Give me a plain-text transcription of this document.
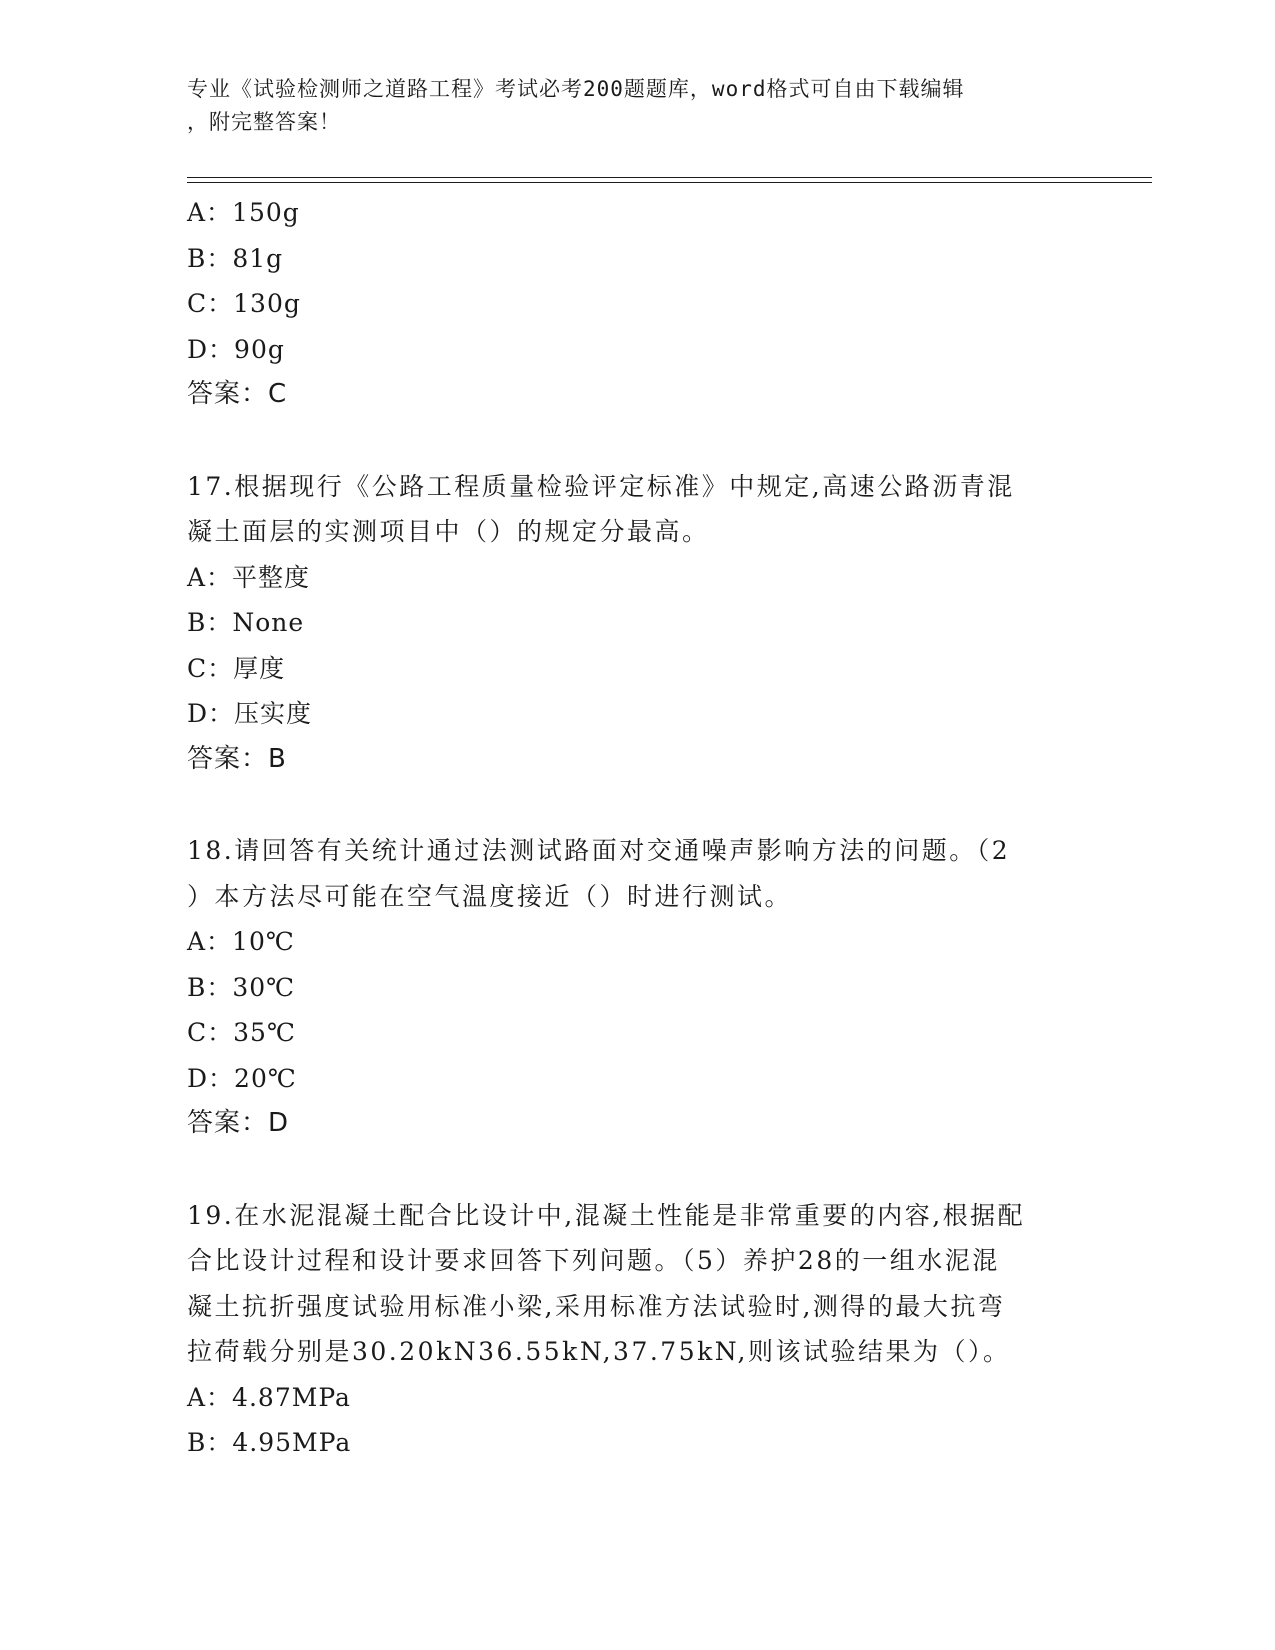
专业《试验检测师之道路工程》考试必考200题题库，word格式可自由下载编辑
，附完整答案！
A：150g
B：81g
C：130g
D：90g
答案：C
17.根据现行《公路工程质量检验评定标准》中规定,高速公路沥青混
凝土面层的实测项目中（）的规定分最高。
A：平整度
B：None
C：厚度
D：压实度
答案：B
18.请回答有关统计通过法测试路面对交通噪声影响方法的问题。（2
）本方法尽可能在空气温度接近（）时进行测试。
A：10℃
B：30℃
C：35℃
D：20℃
答案：D
19.在水泥混凝土配合比设计中,混凝土性能是非常重要的内容,根据配
合比设计过程和设计要求回答下列问题。（5）养护28的一组水泥混
凝土抗折强度试验用标准小梁,采用标准方法试验时,测得的最大抗弯
拉荷载分别是30.20kN36.55kN,37.75kN,则该试验结果为（）。
A：4.87MPa
B：4.95MPa
